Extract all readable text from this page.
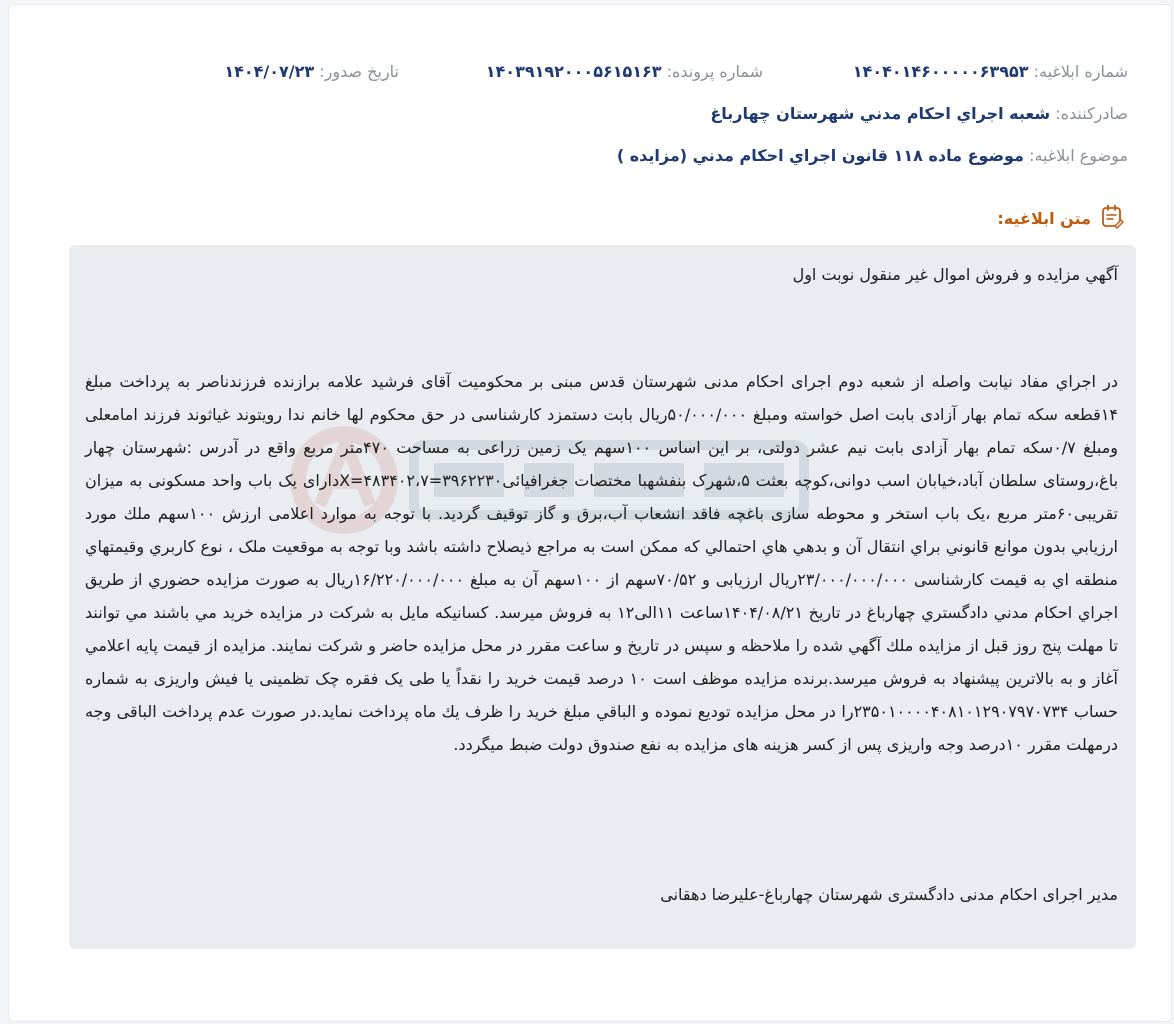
شماره ابلاغیه: ۱۴۰۴۰۱۴۶۰۰۰۰۰۶۳۹۵۳
شماره پرونده: ۱۴۰۳۹۱۹۲۰۰۰۵۶۱۵۱۶۳
تاریخ صدور: ۱۴۰۴/۰۷/۲۳
صادرکننده: شعبه اجراي احكام مدني شهرستان چهارباغ
موضوع ابلاغیه: موضوع ماده ۱۱۸ قانون اجراي احكام مدني (مزايده )
متن ابلاغیه:
آگهي مزايده و فروش اموال غير منقول نوبت اول
در اجراي مفاد نیابت واصله از شعبه دوم اجرای احکام مدنی شهرستان قدس مبنی بر محکومیت آقای فرشید علامه برازنده فرزندناصر به پرداخت مبلغ ۱۴قطعه سکه تمام بهار آزادی بابت اصل خواسته ومبلغ ۵۰/۰۰۰/۰۰۰ریال بابت دستمزد کارشناسی در حق محکوم لها خانم ندا رویتوند غیاثوند فرزند امامعلی ومبلغ ۰/۷سکه تمام بهار آزادی بابت نیم عشر دولتی، بر این اساس ۱۰۰سهم یک زمین زراعی به مساحت ۴۷۰متر مربع واقع در آدرس :شهرستان چهار باغ،روستای سلطان آباد،خیابان اسب دوانی،کوچه بعثت ۵،شهرک بنفشهبا مختصات جغرافیائی۳۹۶۲۲۳۰=X=۴۸۳۴۰۲،۷دارای یک باب واحد مسکونی به میزان تقریبی۶۰متر مربع ،یک باب استخر و محوطه سازی باغچه فاقد انشعاب آب،برق و گاز توقیف گردید. با توجه به موارد اعلامی ارزش ۱۰۰سهم ملك مورد ارزيابي بدون موانع قانوني براي انتقال آن و بدهي هاي احتمالي كه ممكن است به مراجع ذيصلاح داشته باشد وبا توجه به موقعيت ملک ، نوع كاربري وقيمتهاي منطقه اي به قیمت کارشناسی ۲۳/۰۰۰/۰۰۰/۰۰۰ریال ارزیابی و ۷۰/۵۲سهم از ۱۰۰سهم آن به مبلغ ۱۶/۲۲۰/۰۰۰/۰۰۰ریال به صورت مزايده حضوري از طريق اجراي احكام مدني دادگستري چهارباغ در تاريخ ۱۴۰۴/۰۸/۲۱ساعت ۱۱الی۱۲ به فروش ميرسد. كسانيكه مايل به شركت در مزايده خريد مي باشند مي توانند تا مهلت پنج روز قبل از مزايده ملك آگهي شده را ملاحظه و سپس در تاريخ و ساعت مقرر در محل مزايده حاضر و شركت نمايند. مزايده از قيمت پايه اعلامي آغاز و به بالاترين پيشنهاد به فروش ميرسد.برنده مزايده موظف است ۱۰ درصد قيمت خريد را نقداً يا طی یک فقره چک تظمینی یا فیش واریزی به شماره حساب ۲۳۵۰۱۰۰۰۰۴۰۸۱۰۱۲۹۰۷۹۷۰۷۳۴را در محل مزايده توديع نموده و الباقي مبلغ خريد را ظرف يك ماه پرداخت نمايد.در صورت عدم پرداخت الباقی وجه درمهلت مقرر ۱۰درصد وجه واریزی پس از کسر هزینه های مزایده به نفع صندوق دولت ضبط میگردد.
مدیر اجرای احکام مدنی دادگستری شهرستان چهارباغ-علیرضا دهقانی
